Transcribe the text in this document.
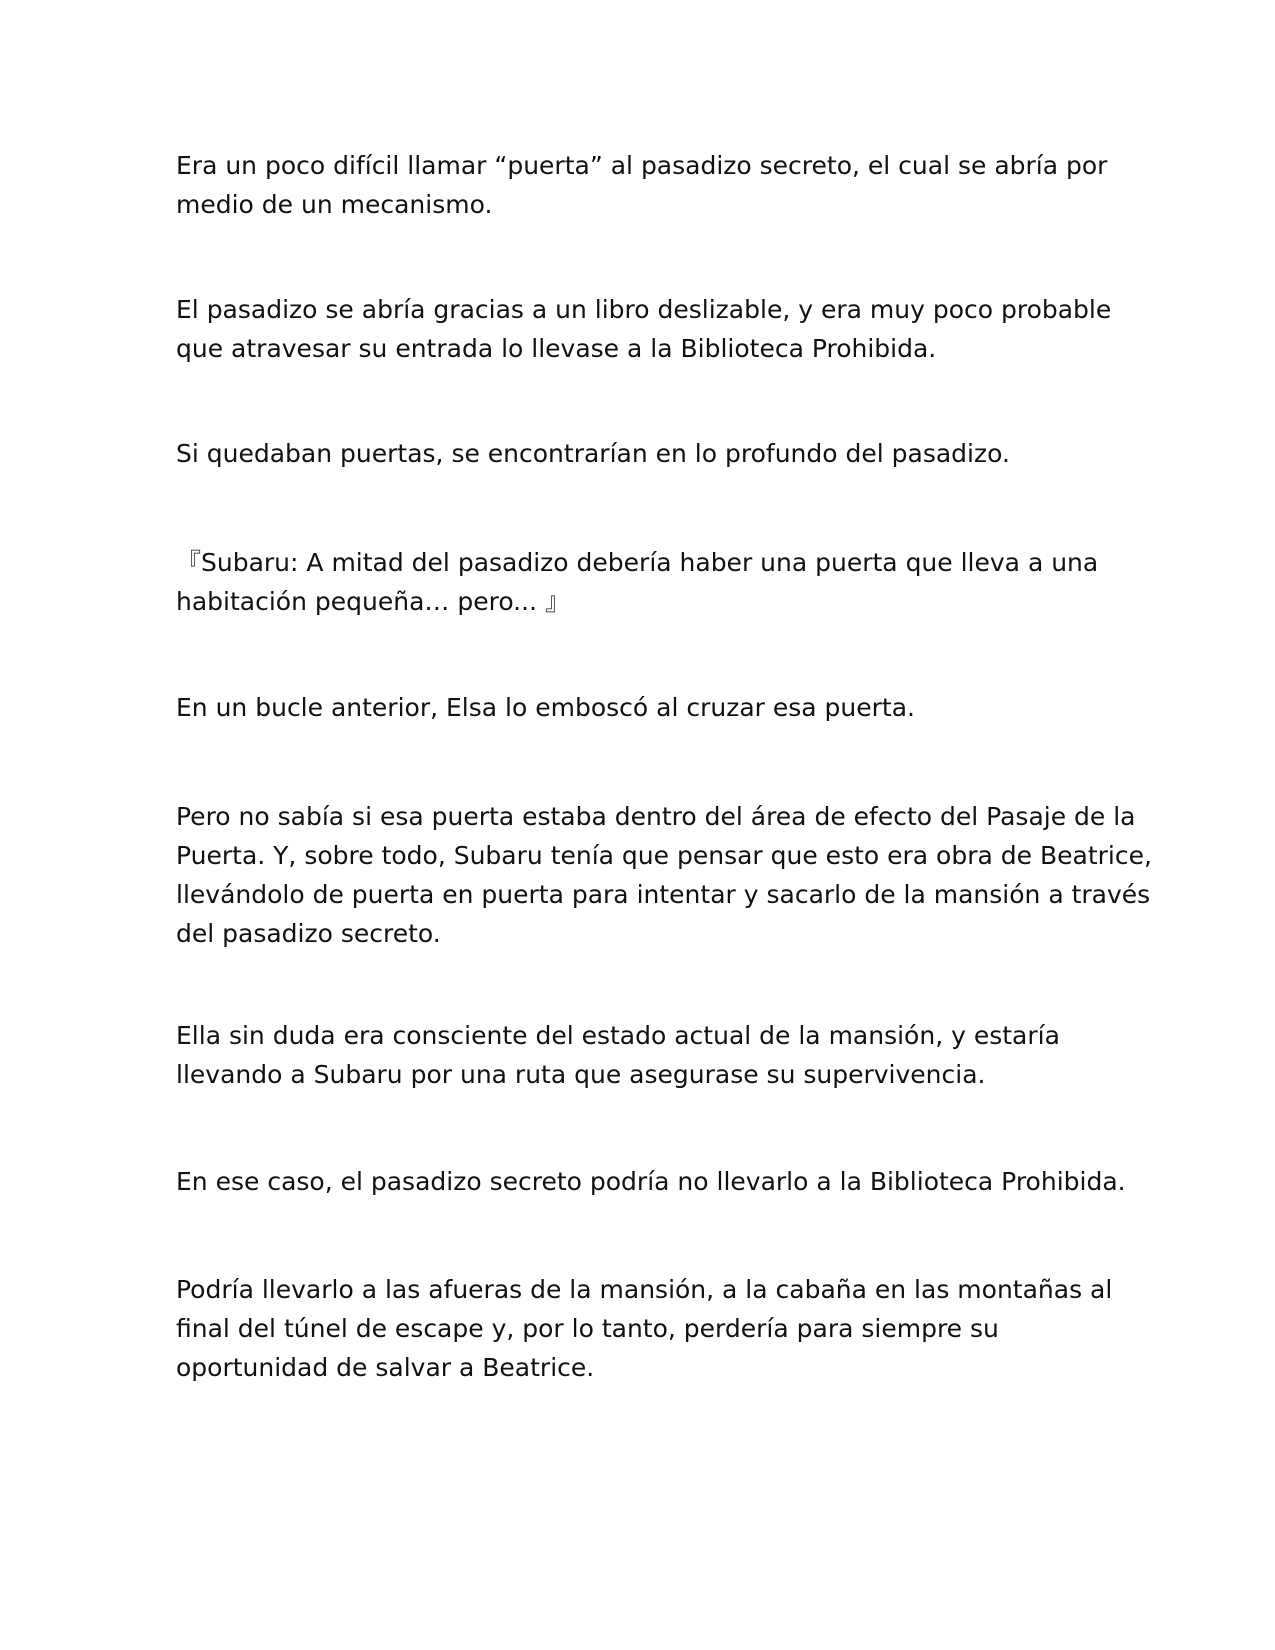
Era un poco difícil llamar “puerta” al pasadizo secreto, el cual se abría por
medio de un mecanismo.

El pasadizo se abría gracias a un libro deslizable, y era muy poco probable
que atravesar su entrada lo llevase a la Biblioteca Prohibida.

Si quedaban puertas, se encontrarían en lo profundo del pasadizo.

『Subaru: A mitad del pasadizo debería haber una puerta que lleva a una
habitación pequeña… pero... 』

En un bucle anterior, Elsa lo emboscó al cruzar esa puerta.

Pero no sabía si esa puerta estaba dentro del área de efecto del Pasaje de la
Puerta. Y, sobre todo, Subaru tenía que pensar que esto era obra de Beatrice,
llevándolo de puerta en puerta para intentar y sacarlo de la mansión a través
del pasadizo secreto.

Ella sin duda era consciente del estado actual de la mansión, y estaría
llevando a Subaru por una ruta que asegurase su supervivencia.

En ese caso, el pasadizo secreto podría no llevarlo a la Biblioteca Prohibida.

Podría llevarlo a las afueras de la mansión, a la cabaña en las montañas al
final del túnel de escape y, por lo tanto, perdería para siempre su
oportunidad de salvar a Beatrice.
